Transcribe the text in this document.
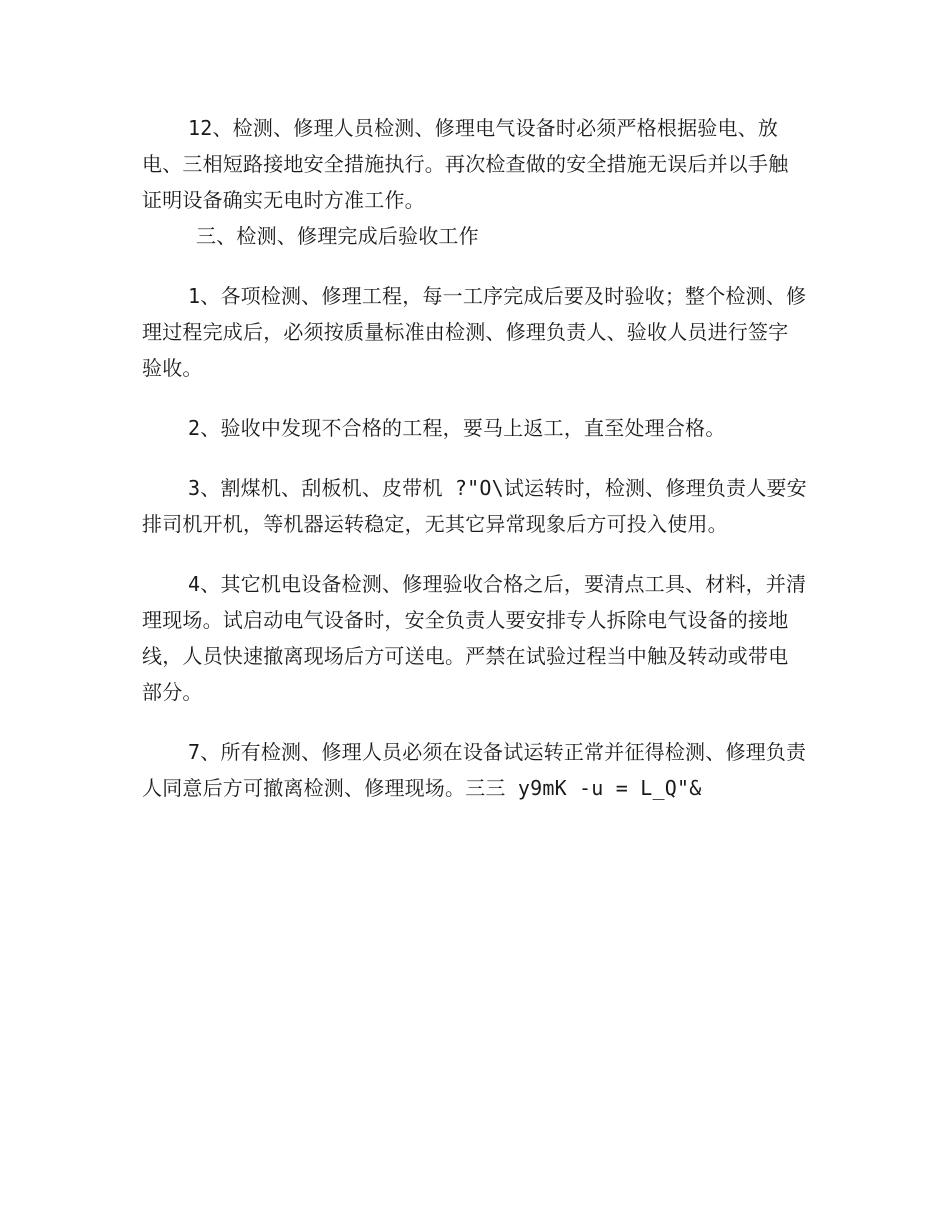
12、检测、修理人员检测、修理电气设备时必须严格根据验电、放电、三相短路接地安全措施执行。再次检查做的安全措施无误后并以手触证明设备确实无电时方准工作。

三、检测、修理完成后验收工作

1、各项检测、修理工程，每一工序完成后要及时验收；整个检测、修理过程完成后，必须按质量标准由检测、修理负责人、验收人员进行签字验收。

2、验收中发现不合格的工程，要马上返工，直至处理合格。

3、割煤机、刮板机、皮带机 ?"O\试运转时，检测、修理负责人要安排司机开机，等机器运转稳定，无其它异常现象后方可投入使用。

4、其它机电设备检测、修理验收合格之后，要清点工具、材料，并清理现场。试启动电气设备时，安全负责人要安排专人拆除电气设备的接地线，人员快速撤离现场后方可送电。严禁在试验过程当中触及转动或带电部分。

7、所有检测、修理人员必须在设备试运转正常并征得检测、修理负责人同意后方可撤离检测、修理现场。三三 y9mK -u = L_Q"&
